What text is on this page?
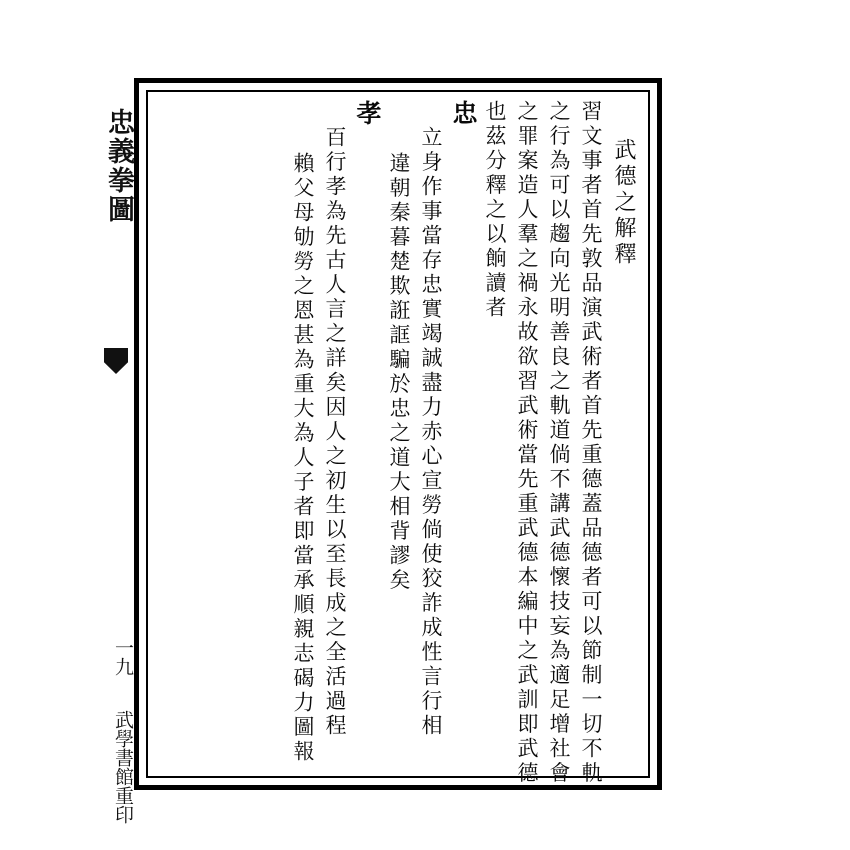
忠義拳圖
一九
武學書館重印
武德之解釋
習文事者首先敦品演武術者首先重德蓋品德者可以節制一切不軌
之行為可以趨向光明善良之軌道倘不講武德懷技妄為適足增社會
之罪案造人羣之禍永故欲習武術當先重武德本編中之武訓即武德
也茲分釋之以餉讀者
忠
立身作事當存忠實竭誠盡力赤心宣勞倘使狡詐成性言行相
違朝秦暮楚欺誑誆騙於忠之道大相背謬矣
孝
百行孝為先古人言之詳矣因人之初生以至長成之全活過程
賴父母劬勞之恩甚為重大為人子者即當承順親志碣力圖報
